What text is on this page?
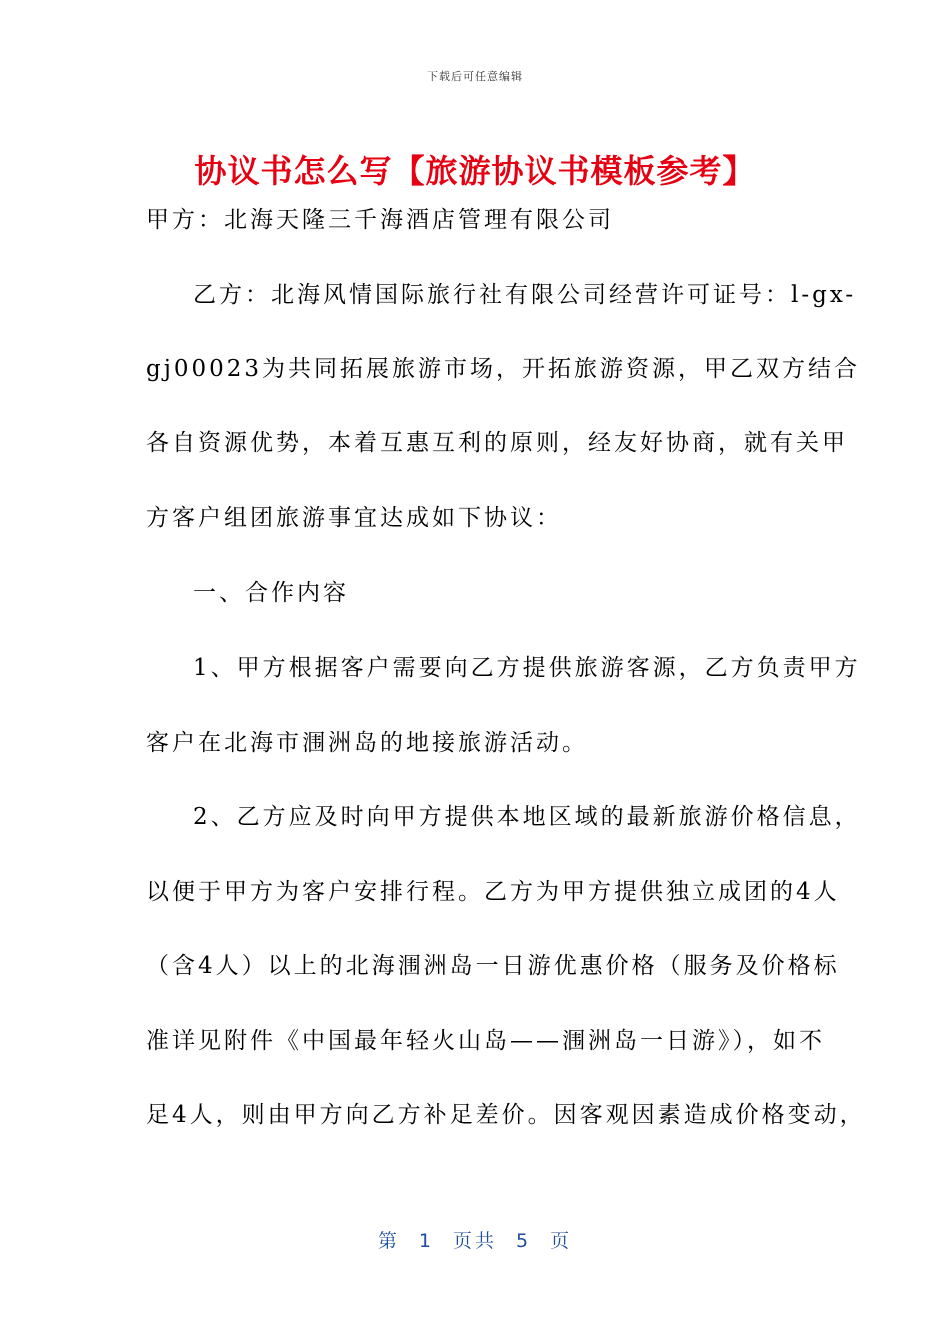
下载后可任意编辑
协议书怎么写【旅游协议书模板参考】

甲方：北海天隆三千海酒店管理有限公司

乙方：北海风情国际旅行社有限公司经营许可证号：l-gx-

gj00023为共同拓展旅游市场，开拓旅游资源，甲乙双方结合

各自资源优势，本着互惠互利的原则，经友好协商，就有关甲

方客户组团旅游事宜达成如下协议：

一、合作内容

1、甲方根据客户需要向乙方提供旅游客源，乙方负责甲方

客户在北海市涠洲岛的地接旅游活动。

2、乙方应及时向甲方提供本地区域的最新旅游价格信息，

以便于甲方为客户安排行程。乙方为甲方提供独立成团的4人

（含4人）以上的北海涠洲岛一日游优惠价格（服务及价格标

准详见附件《中国最年轻火山岛——涠洲岛一日游》），如不

足4人，则由甲方向乙方补足差价。因客观因素造成价格变动，

第 1 页共 5 页
